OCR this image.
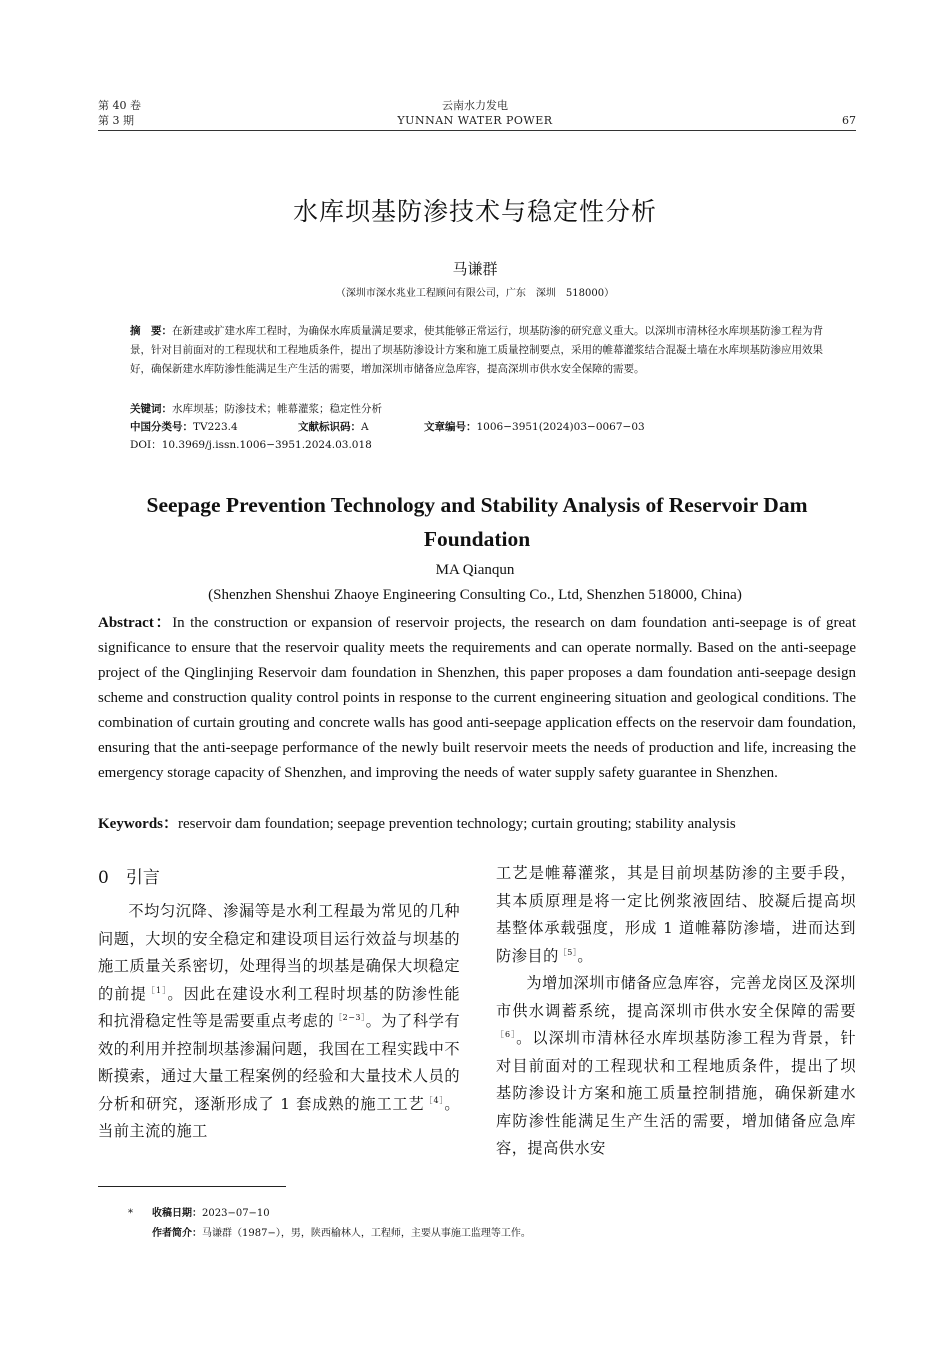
第 40 卷
第 3 期
云南水力发电
YUNNAN WATER POWER	67
水库坝基防渗技术与稳定性分析
马谦群
（深圳市深水兆业工程顾问有限公司，广东　深圳　518000）
摘　要：在新建或扩建水库工程时，为确保水库质量满足要求，使其能够正常运行，坝基防渗的研究意义重大。以深圳市清林径水库坝基防渗工程为背景，针对目前面对的工程现状和工程地质条件，提出了坝基防渗设计方案和施工质量控制要点，采用的帷幕灌浆结合混凝土墙在水库坝基防渗应用效果好，确保新建水库防渗性能满足生产生活的需要，增加深圳市储备应急库容，提高深圳市供水安全保障的需要。
关键词：水库坝基；防渗技术；帷幕灌浆；稳定性分析
中国分类号：TV223.4	文献标识码：A	文章编号：1006−3951(2024)03−0067−03
DOI：10.3969/j.issn.1006−3951.2024.03.018
Seepage Prevention Technology and Stability Analysis of Reservoir Dam Foundation
MA Qianqun
(Shenzhen Shenshui Zhaoye Engineering Consulting Co., Ltd, Shenzhen 518000, China)
Abstract：In the construction or expansion of reservoir projects, the research on dam foundation anti-seepage is of great significance to ensure that the reservoir quality meets the requirements and can operate normally. Based on the anti-seepage project of the Qinglinjing Reservoir dam foundation in Shenzhen, this paper proposes a dam foundation anti-seepage design scheme and construction quality control points in response to the current engineering situation and geological conditions. The combination of curtain grouting and concrete walls has good anti-seepage application effects on the reservoir dam foundation, ensuring that the anti-seepage performance of the newly built reservoir meets the needs of production and life, increasing the emergency storage capacity of Shenzhen, and improving the needs of water supply safety guarantee in Shenzhen.
Keywords：reservoir dam foundation; seepage prevention technology; curtain grouting; stability analysis
0　引言
不均匀沉降、渗漏等是水利工程最为常见的几种问题，大坝的安全稳定和建设项目运行效益与坝基的施工质量关系密切，处理得当的坝基是确保大坝稳定的前提$^{[1]}$。因此在建设水利工程时坝基的防渗性能和抗滑稳定性等是需要重点考虑的$^{[2-3]}$。为了科学有效的利用并控制坝基渗漏问题，我国在工程实践中不断摸索，通过大量工程案例的经验和大量技术人员的分析和研究，逐渐形成了 1 套成熟的施工工艺$^{[4]}$。当前主流的施工
工艺是帷幕灌浆，其是目前坝基防渗的主要手段，其本质原理是将一定比例浆液固结、胶凝后提高坝基整体承载强度，形成 1 道帷幕防渗墙，进而达到防渗目的$^{[5]}$。
为增加深圳市储备应急库容，完善龙岗区及深圳市供水调蓄系统，提高深圳市供水安全保障的需要$^{[6]}$。以深圳市清林径水库坝基防渗工程为背景，针对目前面对的工程现状和工程地质条件，提出了坝基防渗设计方案和施工质量控制措施，确保新建水库防渗性能满足生产生活的需要，增加储备应急库容，提高供水安
* 收稿日期：2023−07−10
作者简介：马谦群（1987−），男，陕西榆林人，工程师，主要从事施工监理等工作。
